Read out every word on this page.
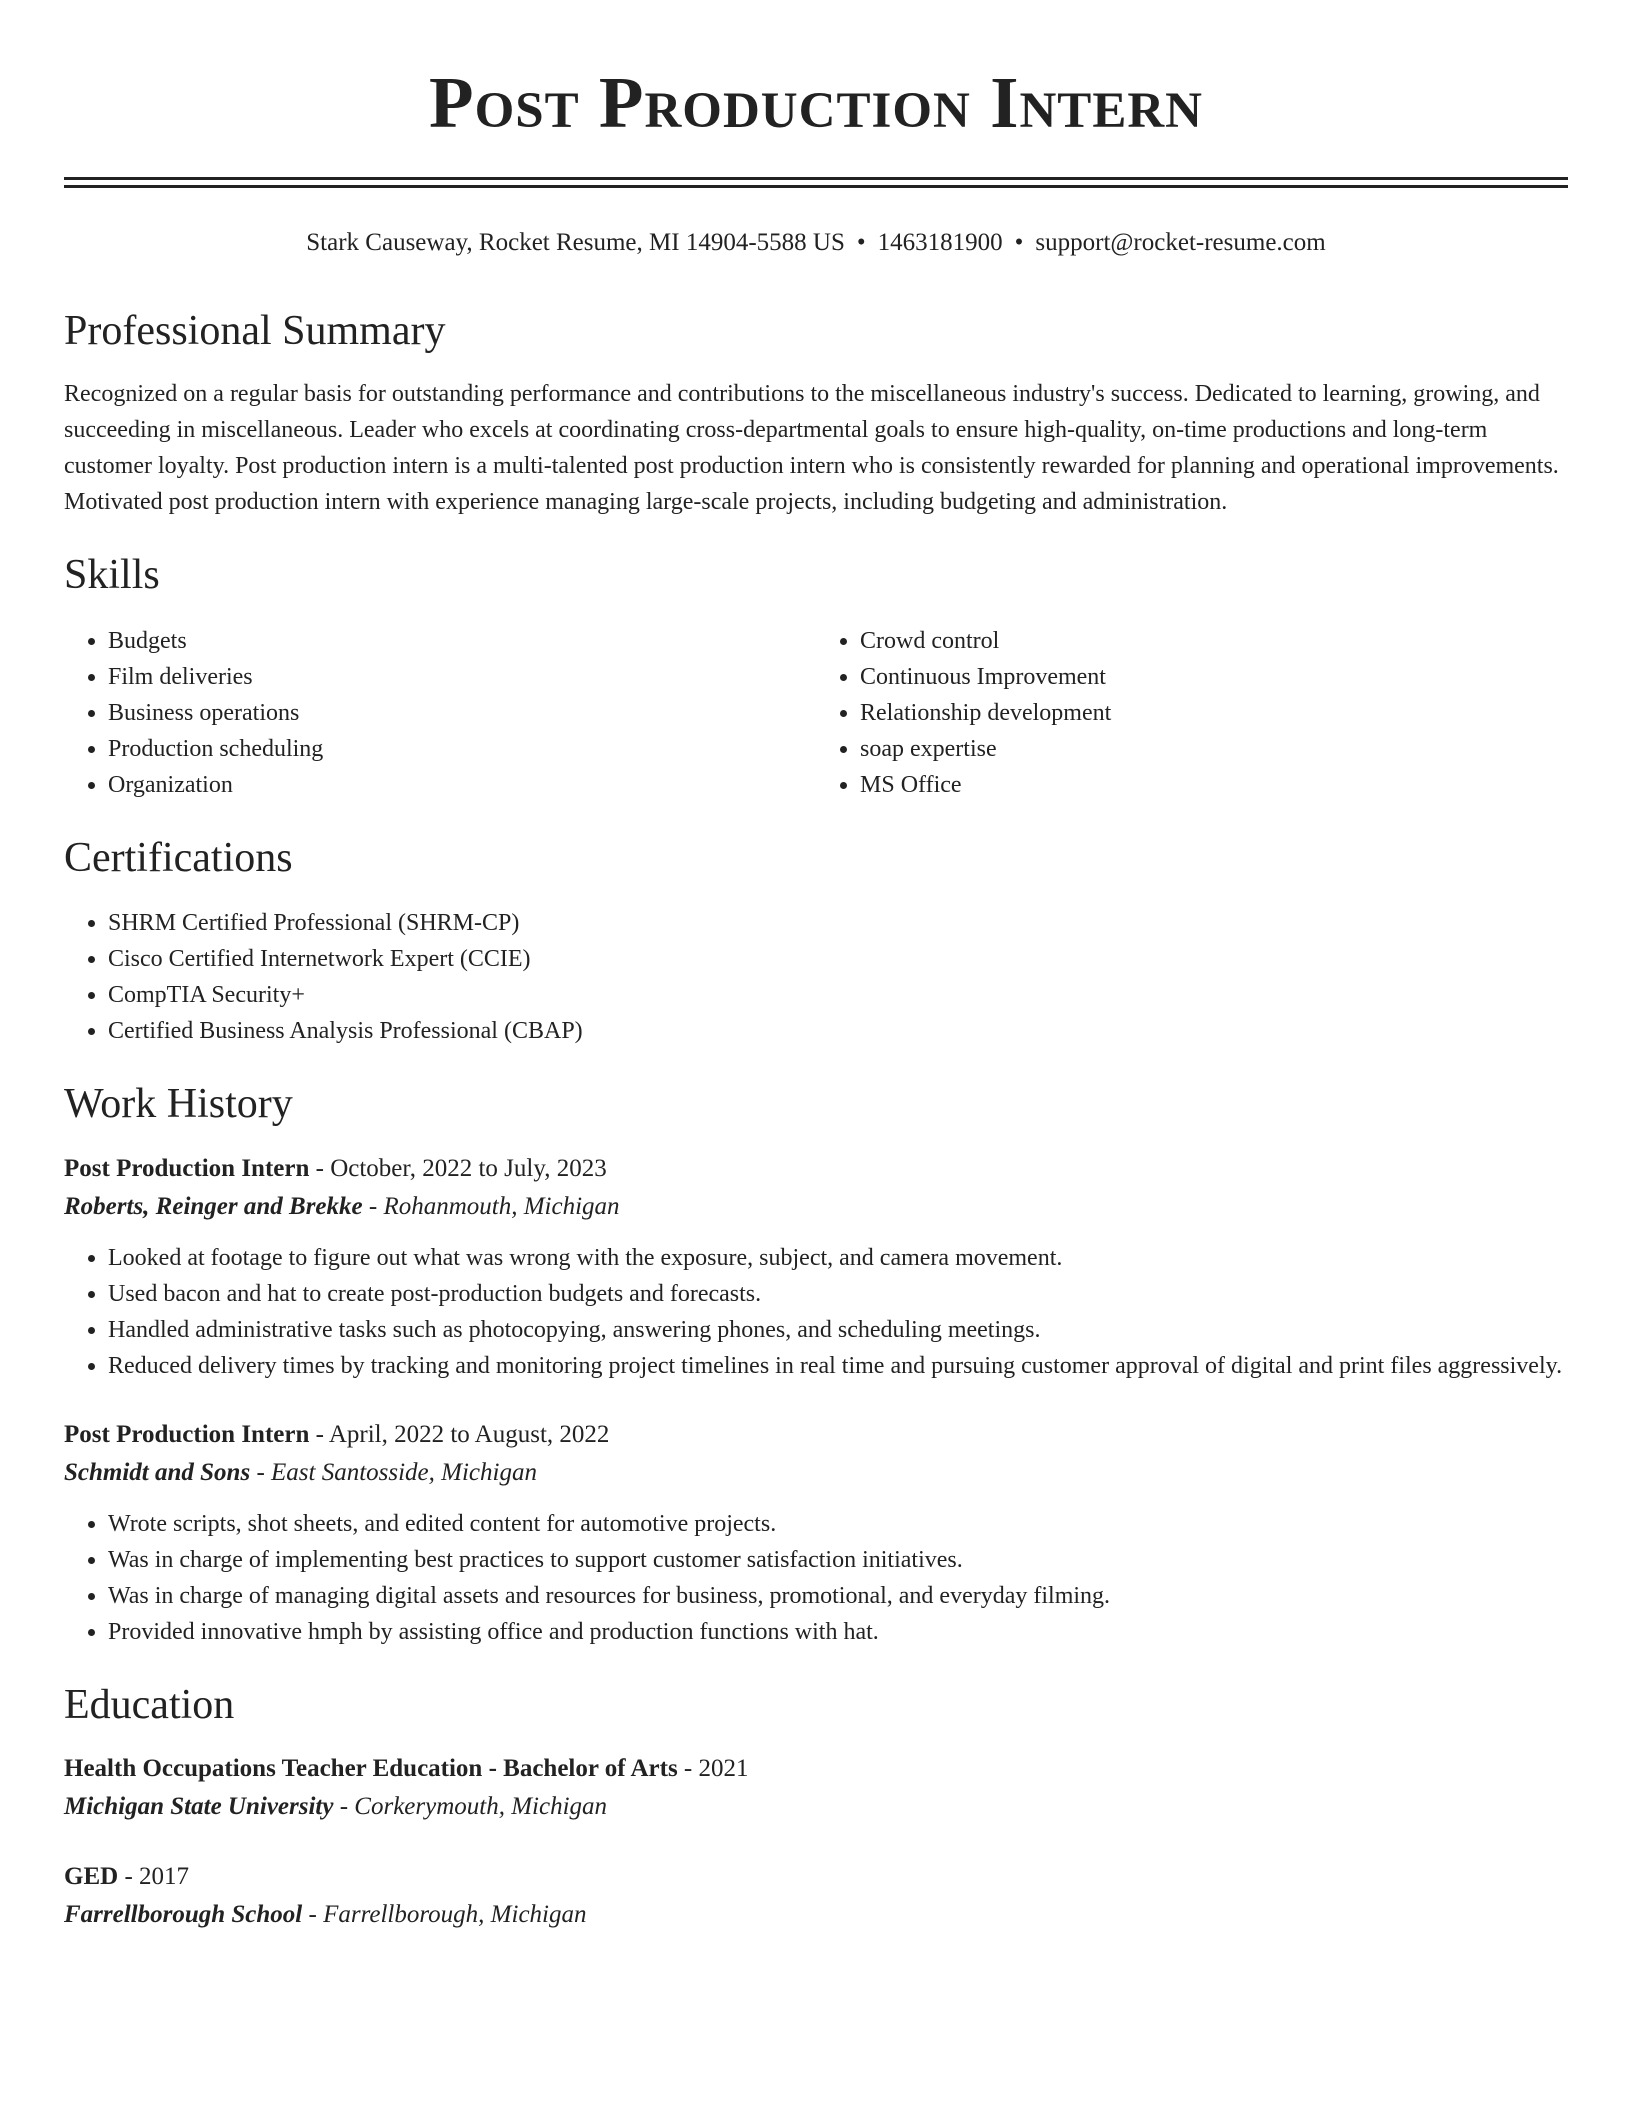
Post Production Intern
Stark Causeway, Rocket Resume, MI 14904-5588 US • 1463181900 • support@rocket-resume.com
Professional Summary

Recognized on a regular basis for outstanding performance and contributions to the miscellaneous industry's success. Dedicated to learning, growing, and succeeding in miscellaneous. Leader who excels at coordinating cross-departmental goals to ensure high-quality, on-time productions and long-term customer loyalty. Post production intern is a multi-talented post production intern who is consistently rewarded for planning and operational improvements. Motivated post production intern with experience managing large-scale projects, including budgeting and administration.

Skills
• Budgets
• Film deliveries
• Business operations
• Production scheduling
• Organization
• Crowd control
• Continuous Improvement
• Relationship development
• soap expertise
• MS Office
Certifications
• SHRM Certified Professional (SHRM-CP)
• Cisco Certified Internetwork Expert (CCIE)
• CompTIA Security+
• Certified Business Analysis Professional (CBAP)
Work History
Post Production Intern - October, 2022 to July, 2023
Roberts, Reinger and Brekke - Rohanmouth, Michigan
• Looked at footage to figure out what was wrong with the exposure, subject, and camera movement.
• Used bacon and hat to create post-production budgets and forecasts.
• Handled administrative tasks such as photocopying, answering phones, and scheduling meetings.
• Reduced delivery times by tracking and monitoring project timelines in real time and pursuing customer approval of digital and print files aggressively.
Post Production Intern - April, 2022 to August, 2022
Schmidt and Sons - East Santosside, Michigan
• Wrote scripts, shot sheets, and edited content for automotive projects.
• Was in charge of implementing best practices to support customer satisfaction initiatives.
• Was in charge of managing digital assets and resources for business, promotional, and everyday filming.
• Provided innovative hmph by assisting office and production functions with hat.
Education
Health Occupations Teacher Education - Bachelor of Arts - 2021
Michigan State University - Corkerymouth, Michigan
GED - 2017
Farrellborough School - Farrellborough, Michigan
